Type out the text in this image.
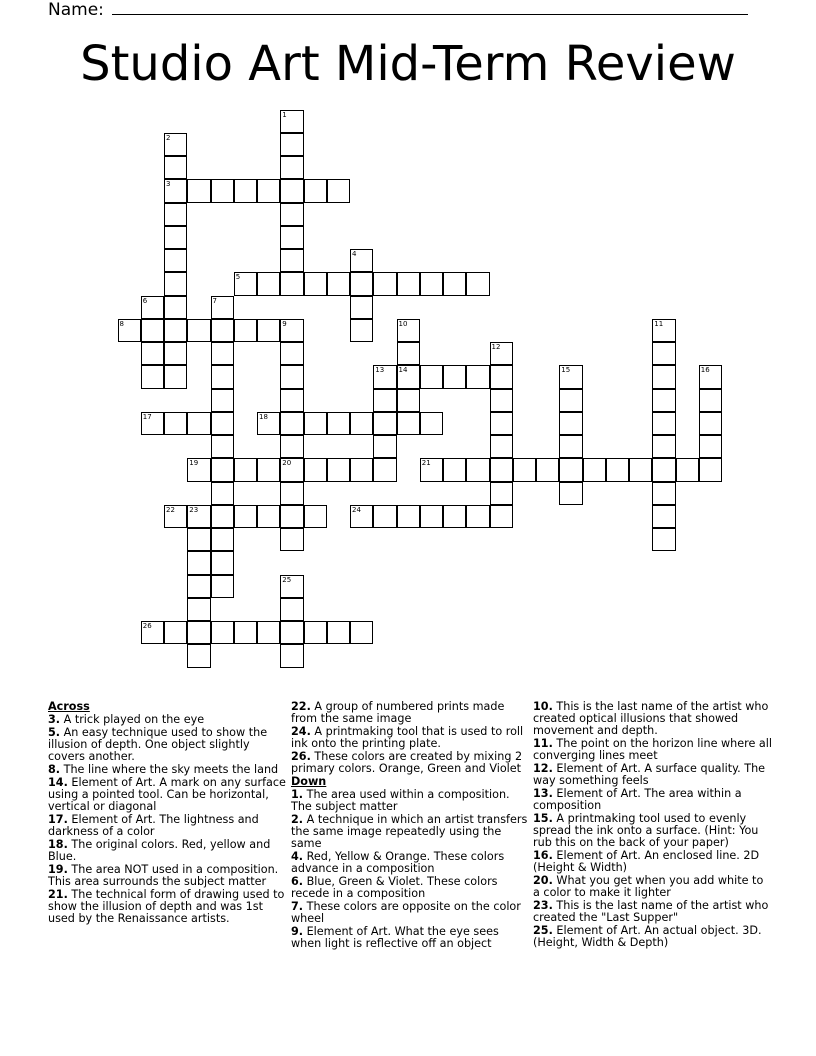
Name:
Studio Art Mid-Term Review
1
2
3
4
5
6	7
8	9	10
14
11
12
13	15	16
17	18
19	20	21
22 23	24
25
26
Across
3. A trick played on the eye
5. An easy technique used to show the illusion of depth. One object slightly covers another.
8. The line where the sky meets the land
14. Element of Art. A mark on any surface using a pointed tool. Can be horizontal, vertical or diagonal
17. Element of Art. The lightness and darkness of a color
18. The original colors. Red, yellow and Blue.
19. The area NOT used in a composition. This area surrounds the subject matter
21. The technical form of drawing used to show the illusion of depth and was 1st used by the Renaissance artists.
22. A group of numbered prints made from the same image
24. A printmaking tool that is used to roll ink onto the printing plate.
26. These colors are created by mixing 2 primary colors. Orange, Green and Violet
Down
1. The area used within a composition. The subject matter
2. A technique in which an artist transfers the same image repeatedly using the same
4. Red, Yellow & Orange. These colors advance in a composition
6. Blue, Green & Violet. These colors recede in a composition
7. These colors are opposite on the color wheel
9. Element of Art. What the eye sees when light is reflective off an object
10. This is the last name of the artist who created optical illusions that showed movement and depth.
11. The point on the horizon line where all converging lines meet
12. Element of Art. A surface quality. The way something feels
13. Element of Art. The area within a composition
15. A printmaking tool used to evenly spread the ink onto a surface. (Hint: You rub this on the back of your paper)
16. Element of Art. An enclosed line. 2D (Height & Width)
20. What you get when you add white to a color to make it lighter
23. This is the last name of the artist who created the "Last Supper"
25. Element of Art. An actual object. 3D. (Height, Width & Depth)
